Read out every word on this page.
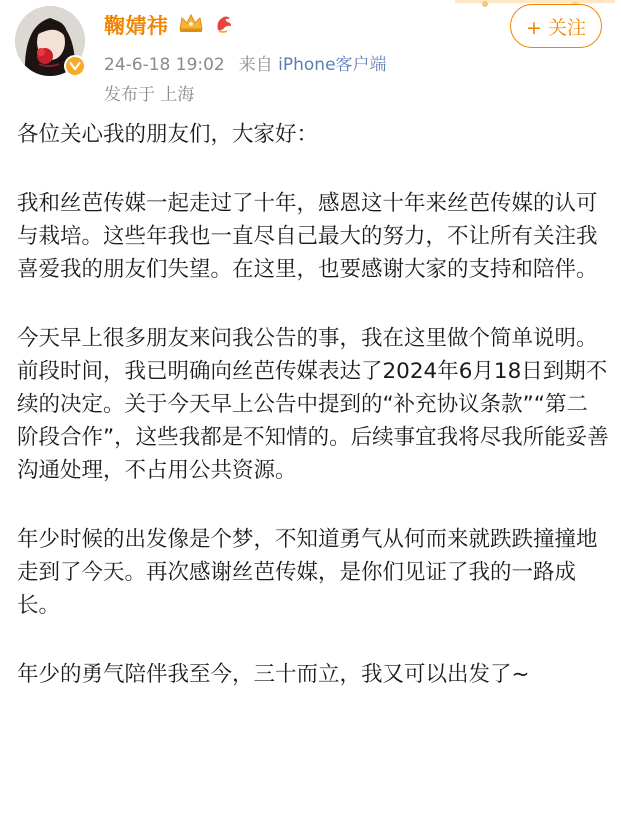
鞠婧祎
24-6-18 19:02 来自 iPhone客户端
发布于 上海
+ 关注

各位关心我的朋友们，大家好：

我和丝芭传媒一起走过了十年，感恩这十年来丝芭传媒的认可与栽培。这些年我也一直尽自己最大的努力，不让所有关注我喜爱我的朋友们失望。在这里，也要感谢大家的支持和陪伴。

今天早上很多朋友来问我公告的事，我在这里做个简单说明。前段时间，我已明确向丝芭传媒表达了2024年6月18日到期不续的决定。关于今天早上公告中提到的“补充协议条款”“第二阶段合作”，这些我都是不知情的。后续事宜我将尽我所能妥善沟通处理，不占用公共资源。

年少时候的出发像是个梦，不知道勇气从何而来就跌跌撞撞地走到了今天。再次感谢丝芭传媒，是你们见证了我的一路成长。

年少的勇气陪伴我至今，三十而立，我又可以出发了~
